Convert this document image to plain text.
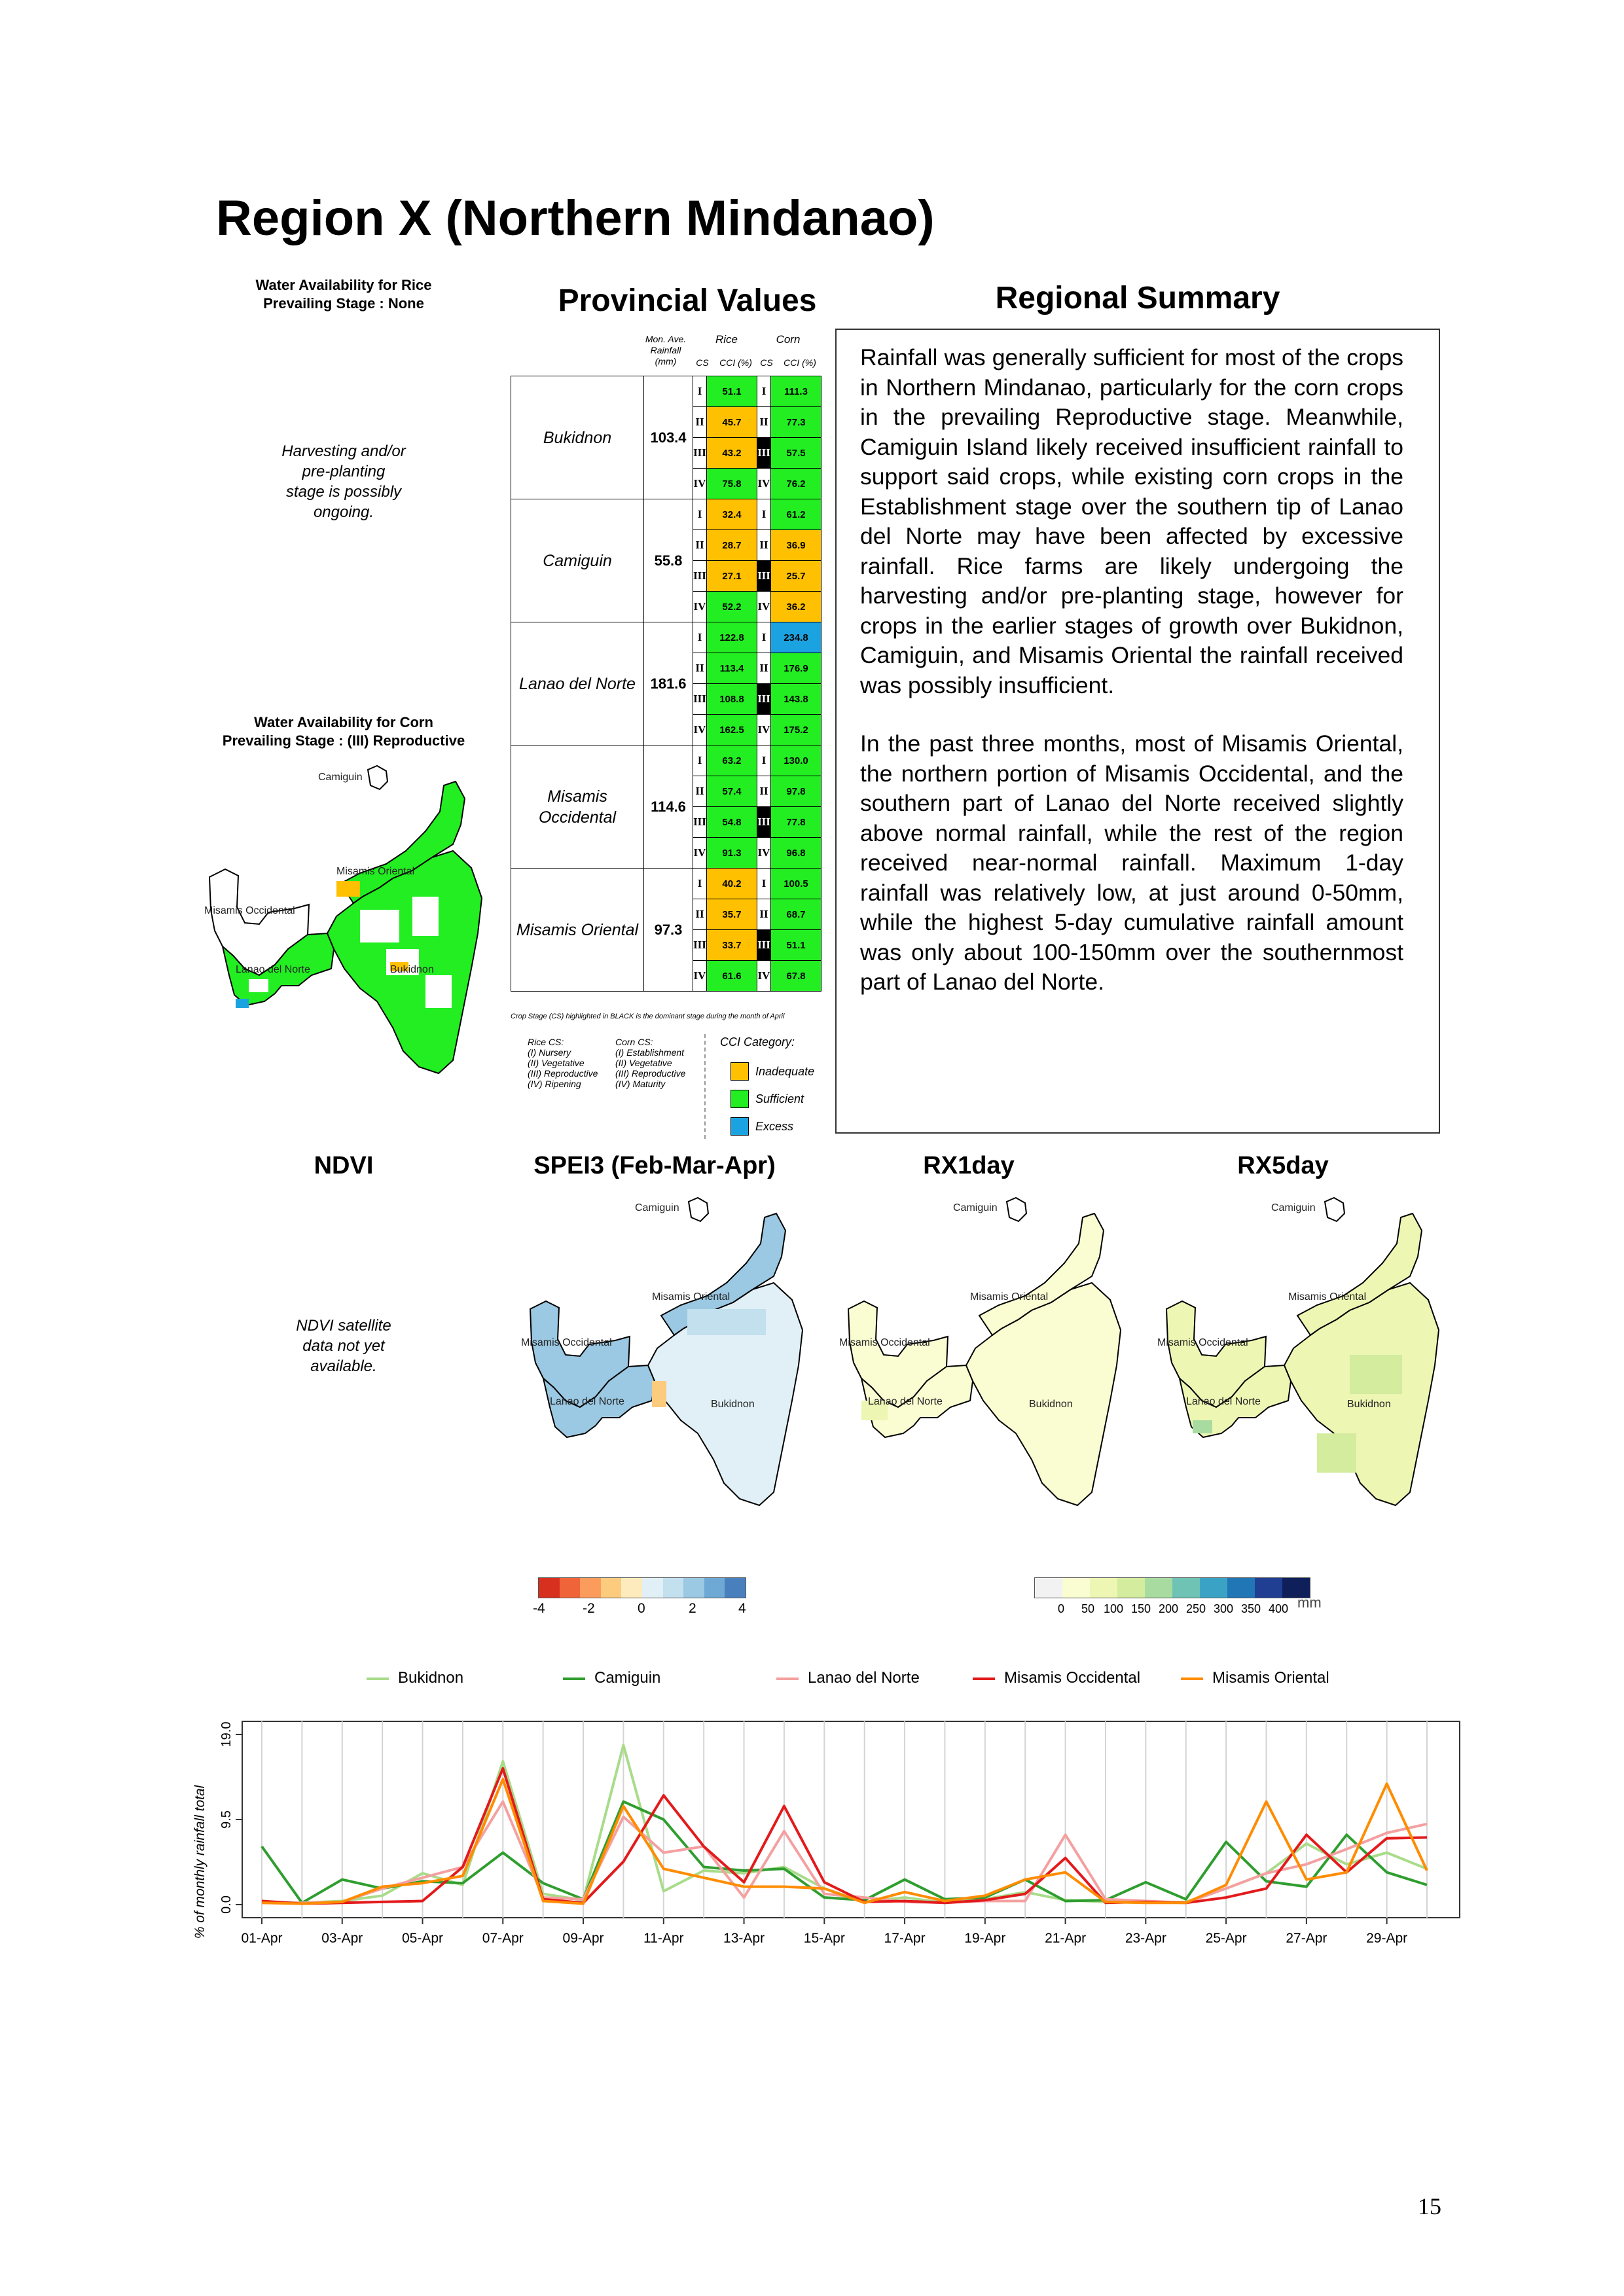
Region X (Northern Mindanao)
Water Availability for Rice
Prevailing Stage : None
Harvesting and/or
pre-planting
stage is possibly
ongoing.
Water Availability for Corn
Prevailing Stage : (III) Reproductive
Camiguin
Misamis Oriental
Misamis Occidental
Lanao del Norte	Bukidnon
Provincial Values
Mon. Ave.
Rainfall
(mm)
Rice	Corn
CS	CCI (%) CS	CCI (%)
Bukidnon	103.4	I	51.1	I	111.3
		II	45.7	II	77.3
		III	43.2	III	57.5
		IV	75.8	IV	76.2
Camiguin	55.8	I	32.4	I	61.2
		II	28.7	II	36.9
		III	27.1	III	25.7
		IV	52.2	IV	36.2
Lanao del Norte	181.6	I	122.8	I	234.8
		II	113.4	II	176.9
		III	108.8	III	143.8
		IV	162.5	IV	175.2
Misamis Occidental	114.6	I	63.2	I	130.0
		II	57.4	II	97.8
		III	54.8	III	77.8
		IV	91.3	IV	96.8
Misamis Oriental	97.3	I	40.2	I	100.5
		II	35.7	II	68.7
		III	33.7	III	51.1
		IV	61.6	IV	67.8
Crop Stage (CS) highlighted in BLACK is the dominant stage during the month of April
Rice CS:
(I) Nursery
(II) Vegetative
(III) Reproductive
(IV) Ripening
Corn CS:
(I) Establishment
(II) Vegetative
(III) Reproductive
(IV) Maturity
CCI Category:
Inadequate
Sufficient
Excess
Regional Summary

Rainfall was generally sufficient for most of the crops in Northern Mindanao, particularly for the corn crops in the prevailing Reproductive stage. Meanwhile, Camiguin Island likely received insufficient rainfall to support said crops, while existing corn crops in the Establishment stage over the southern tip of Lanao del Norte may have been affected by excessive rainfall. Rice farms are likely undergoing the harvesting and/or pre-planting stage, however for crops in the earlier stages of growth over Bukidnon, Camiguin, and Misamis Oriental the rainfall received was possibly insufficient.

In the past three months, most of Misamis Oriental, the northern portion of Misamis Occidental, and the southern part of Lanao del Norte received slightly above normal rainfall, while the rest of the region received near-normal rainfall. Maximum 1-day rainfall was relatively low, at just around 0-50mm, while the highest 5-day cumulative rainfall amount was only about 100-150mm over the southernmost part of Lanao del Norte.

NDVI	SPEI3 (Feb-Mar-Apr)	RX1day	RX5day
NDVI satellite
data not yet
available.
Camiguin
Misamis Oriental
Misamis Occidental
Lanao del Norte	Bukidnon
Camiguin
Misamis Oriental
Misamis Occidental
Lanao del Norte	Bukidnon
Camiguin
Misamis Oriental
Misamis Occidental
Lanao del Norte	Bukidnon
-4	-2	0	2	4	0 50 100 150 200 250 300 350 400 mm
Bukidnon	Camiguin	Lanao del Norte	Misamis Occidental	Misamis Oriental
% of monthly rainfall total 0.0
9.5
19.0
01-Apr	03-Apr	05-Apr	07-Apr	09-Apr	11-Apr	13-Apr	15-Apr	17-Apr	19-Apr	21-Apr	23-Apr	25-Apr	27-Apr	29-Apr
15
